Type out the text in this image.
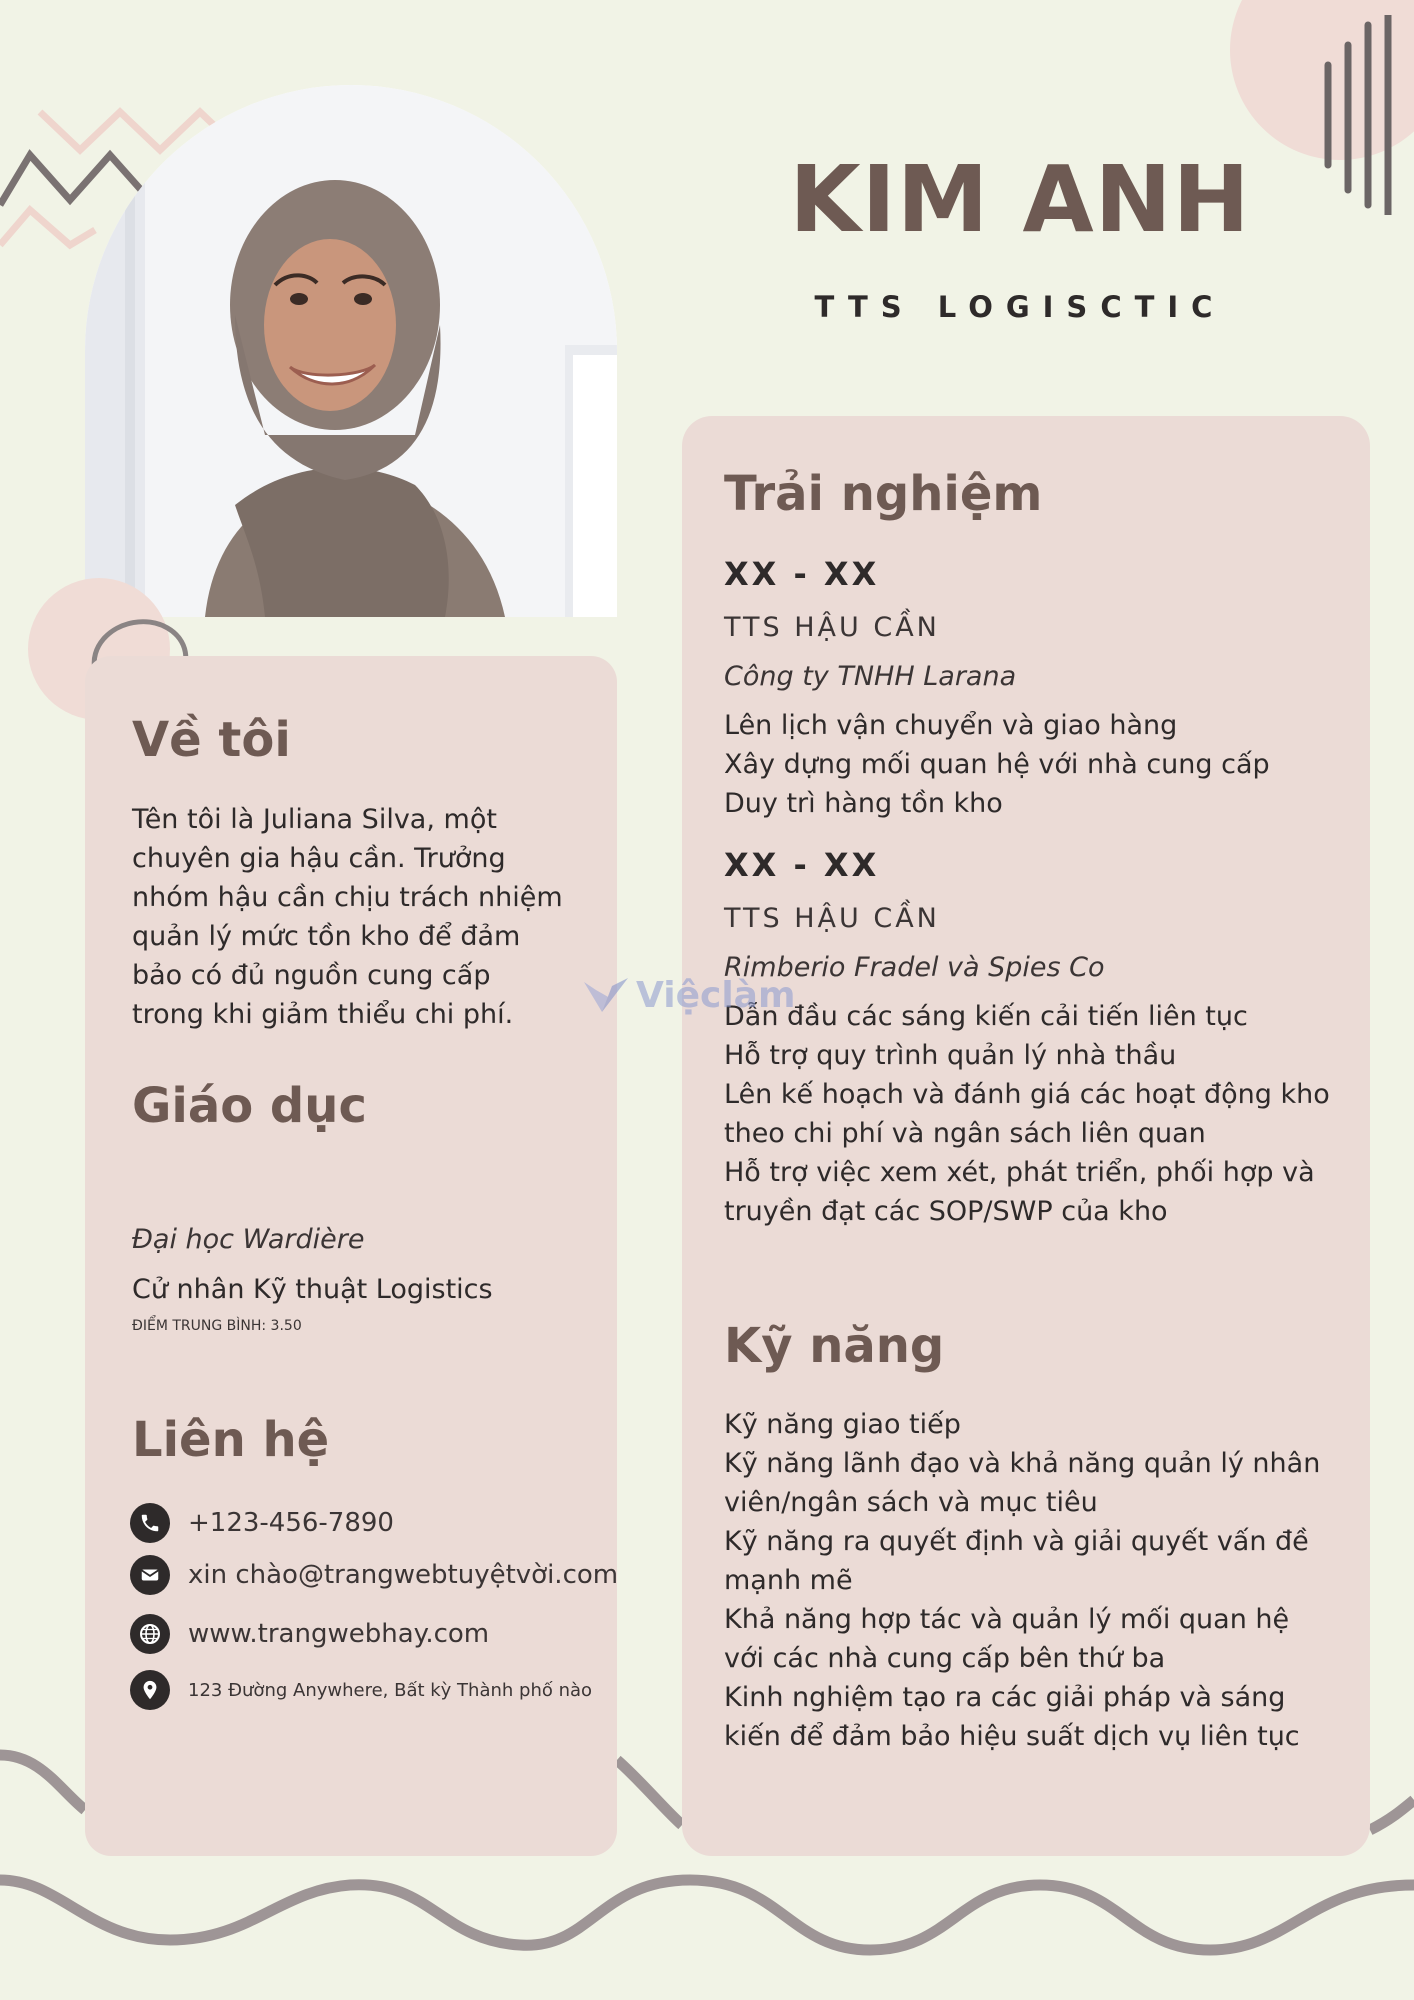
KIM ANH
TTS LOGISCTIC
Về tôi
Tên tôi là Juliana Silva, một
chuyên gia hậu cần. Trưởng
nhóm hậu cần chịu trách nhiệm
quản lý mức tồn kho để đảm
bảo có đủ nguồn cung cấp
trong khi giảm thiểu chi phí.
Giáo dục
Đại học Wardière
Cử nhân Kỹ thuật Logistics
ĐIỂM TRUNG BÌNH: 3.50
Liên hệ
+123-456-7890
xin chào@trangwebtuyệtvời.com
www.trangwebhay.com
123 Đường Anywhere, Bất kỳ Thành phố nào
Trải nghiệm
XX - XX
TTS HẬU CẦN
Công ty TNHH Larana
Lên lịch vận chuyển và giao hàng
Xây dựng mối quan hệ với nhà cung cấp
Duy trì hàng tồn kho
XX - XX
TTS HẬU CẦN
Rimberio Fradel và Spies Co
Dẫn đầu các sáng kiến cải tiến liên tục
Hỗ trợ quy trình quản lý nhà thầu
Lên kế hoạch và đánh giá các hoạt động kho
theo chi phí và ngân sách liên quan
Hỗ trợ việc xem xét, phát triển, phối hợp và
truyền đạt các SOP/SWP của kho
Kỹ năng
Kỹ năng giao tiếp
Kỹ năng lãnh đạo và khả năng quản lý nhân
viên/ngân sách và mục tiêu
Kỹ năng ra quyết định và giải quyết vấn đề
mạnh mẽ
Khả năng hợp tác và quản lý mối quan hệ
với các nhà cung cấp bên thứ ba
Kinh nghiệm tạo ra các giải pháp và sáng
kiến để đảm bảo hiệu suất dịch vụ liên tục
Việclàm
